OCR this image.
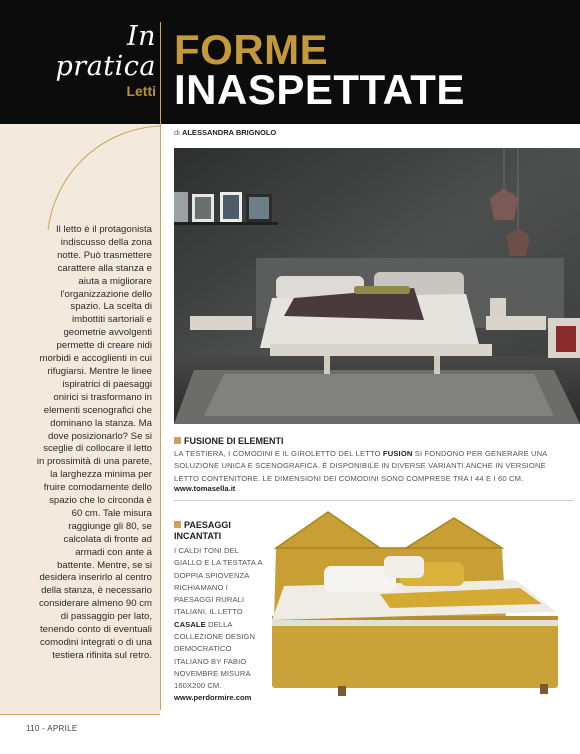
In pratica
Letti
FORME
INASPETTATE
di ALESSANDRA BRIGNOLO
Il letto è il protagonista indiscusso della zona notte. Può trasmettere carattere alla stanza e aiuta a migliorare l'organizzazione dello spazio. La scelta di imbottiti sartoriali e geometrie avvolgenti permette di creare nidi morbidi e accoglienti in cui rifugiarsi. Mentre le linee ispiratrici di paesaggi onirici si trasformano in elementi scenografici che dominano la stanza. Ma dove posizionarlo? Se si sceglie di collocare il letto in prossimità di una parete, la larghezza minima per fruire comodamente dello spazio che lo circonda è 60 cm. Tale misura raggiunge gli 80, se calcolata di fronte ad armadi con ante a battente. Mentre, se si desidera inserirlo al centro della stanza, è necessario considerare almeno 90 cm di passaggio per lato, tenendo conto di eventuali comodini integrati o di una testiera rifinita sul retro.
FUSIONE DI ELEMENTI
LA TESTIERA, I COMODINI E IL GIROLETTO DEL LETTO FUSION SI FONDONO PER GENERARE UNA SOLUZIONE UNICA E SCENOGRAFICA. È DISPONIBILE IN DIVERSE VARIANTI ANCHE IN VERSIONE LETTO CONTENITORE. LE DIMENSIONI DEI COMODINI SONO COMPRESE TRA I 44 E I 60 CM.
www.tomasella.it
PAESAGGI INCANTATI
I CALDI TONI DEL GIALLO E LA TESTATA A DOPPIA SPIOVENZA RICHIAMANO I PAESAGGI RURALI ITALIANI. IL LETTO CASALE DELLA COLLEZIONE DESIGN DEMOCRATICO ITALIANO BY FABIO NOVEMBRE MISURA 160X200 CM.
www.perdormire.com
110 - APRILE
